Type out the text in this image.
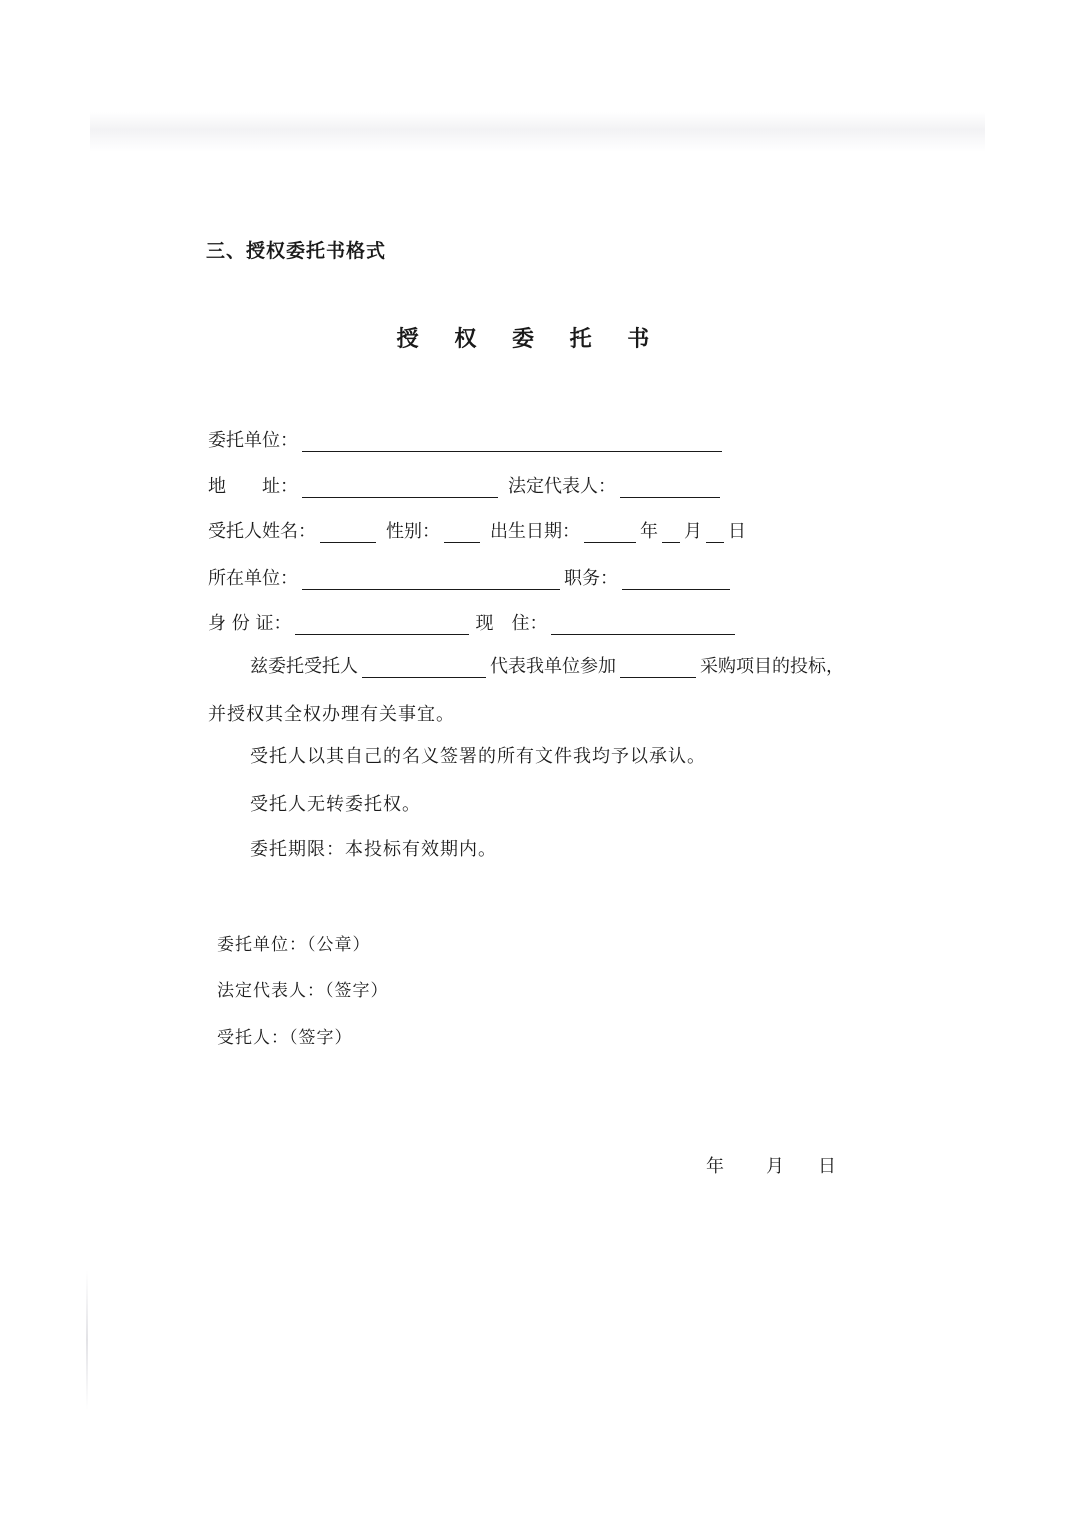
三、授权委托书格式
授 权 委 托 书
委托单位：
地　　址：	法定代表人：
受托人姓名：	性别：	出生日期：	年 月 日
所在单位：	职务：
身 份 证：	现　住：
兹委托受托人	代表我单位参加	采购项目的投标，
并授权其全权办理有关事宜。
受托人以其自己的名义签署的所有文件我均予以承认。
受托人无转委托权。
委托期限：本投标有效期内。
委托单位：（公章）
法定代表人：（签字）
受托人：（签字）
年 月 日
